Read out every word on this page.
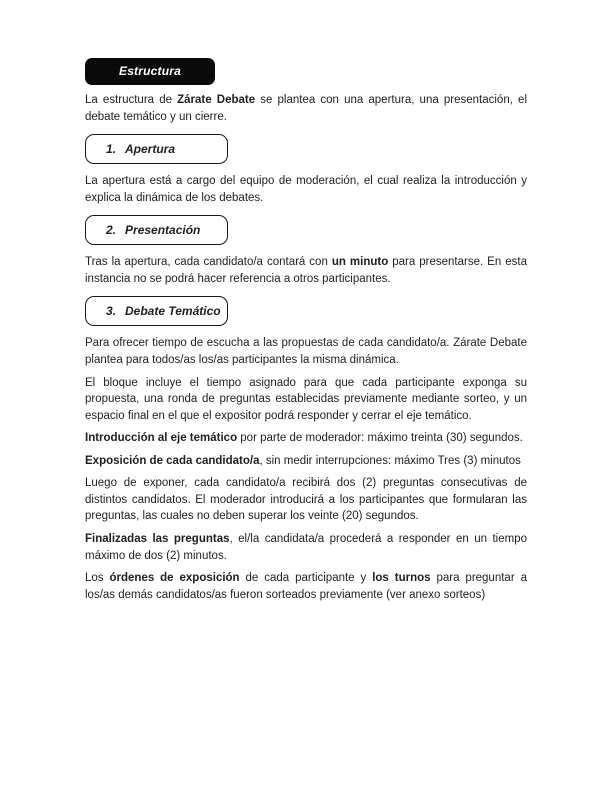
Estructura

La estructura de Zárate Debate se plantea con una apertura, una presentación, el debate temático y un cierre.

1. Apertura

La apertura está a cargo del equipo de moderación, el cual realiza la introducción y explica la dinámica de los debates.

2. Presentación

Tras la apertura, cada candidato/a contará con un minuto para presentarse. En esta instancia no se podrá hacer referencia a otros participantes.

3. Debate Temático

Para ofrecer tiempo de escucha a las propuestas de cada candidato/a. Zárate Debate plantea para todos/as los/as participantes la misma dinámica.

El bloque incluye el tiempo asignado para que cada participante exponga su propuesta, una ronda de preguntas establecidas previamente mediante sorteo, y un espacio final en el que el expositor podrá responder y cerrar el eje temático.

Introducción al eje temático por parte de moderador: máximo treinta (30) segundos.

Exposición de cada candidato/a, sin medir interrupciones: máximo Tres (3) minutos

Luego de exponer, cada candidato/a recibirá dos (2) preguntas consecutivas de distintos candidatos. El moderador introducirá a los participantes que formularan las preguntas, las cuales no deben superar los veinte (20) segundos.

Finalizadas las preguntas, el/la candidata/a procederá a responder en un tiempo máximo de dos (2) minutos.

Los órdenes de exposición de cada participante y los turnos para preguntar a los/as demás candidatos/as fueron sorteados previamente (ver anexo sorteos)
